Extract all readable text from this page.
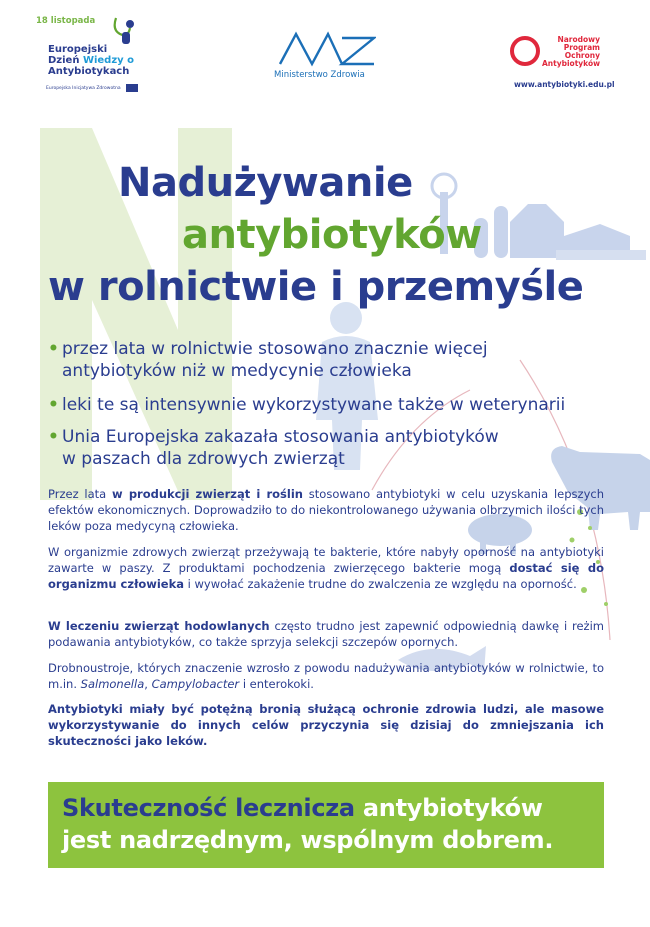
18 listopada
Europejski
Dzień Wiedzy o
Antybiotykach
Europejska Inicjatywa Zdrowotna
Ministerstwo Zdrowia
Narodowy
Program
Ochrony
Antybiotyków
www.antybiotyki.edu.pl
Nadużywanie
antybiotyków
w rolnictwie i przemyśle
• przez lata w rolnictwie stosowano znacznie więcej
antybiotyków niż w medycynie człowieka
• leki te są intensywnie wykorzystywane także w weterynarii
• Unia Europejska zakazała stosowania antybiotyków
w paszach dla zdrowych zwierząt
Przez lata w produkcji zwierząt i roślin stosowano antybiotyki w celu uzyskania lepszych efektów ekonomicznych. Doprowadziło to do niekontrolowanego używania olbrzymich ilości tych leków poza medycyną człowieka.
W organizmie zdrowych zwierząt przeżywają te bakterie, które nabyły oporność na antybiotyki zawarte w paszy. Z produktami pochodzenia zwierzęcego bakterie mogą dostać się do organizmu człowieka i wywołać zakażenie trudne do zwalczenia ze względu na oporność.
W leczeniu zwierząt hodowlanych często trudno jest zapewnić odpowiednią dawkę i reżim podawania antybiotyków, co także sprzyja selekcji szczepów opornych.
Drobnoustroje, których znaczenie wzrosło z powodu nadużywania antybiotyków w rolnictwie, to m.in. Salmonella, Campylobacter i enterokoki.
Antybiotyki miały być potężną bronią służącą ochronie zdrowia ludzi, ale masowe wykorzystywanie do innych celów przyczynia się dzisiaj do zmniejszania ich skuteczności jako leków.
Skuteczność lecznicza antybiotyków
jest nadrzędnym, wspólnym dobrem.
